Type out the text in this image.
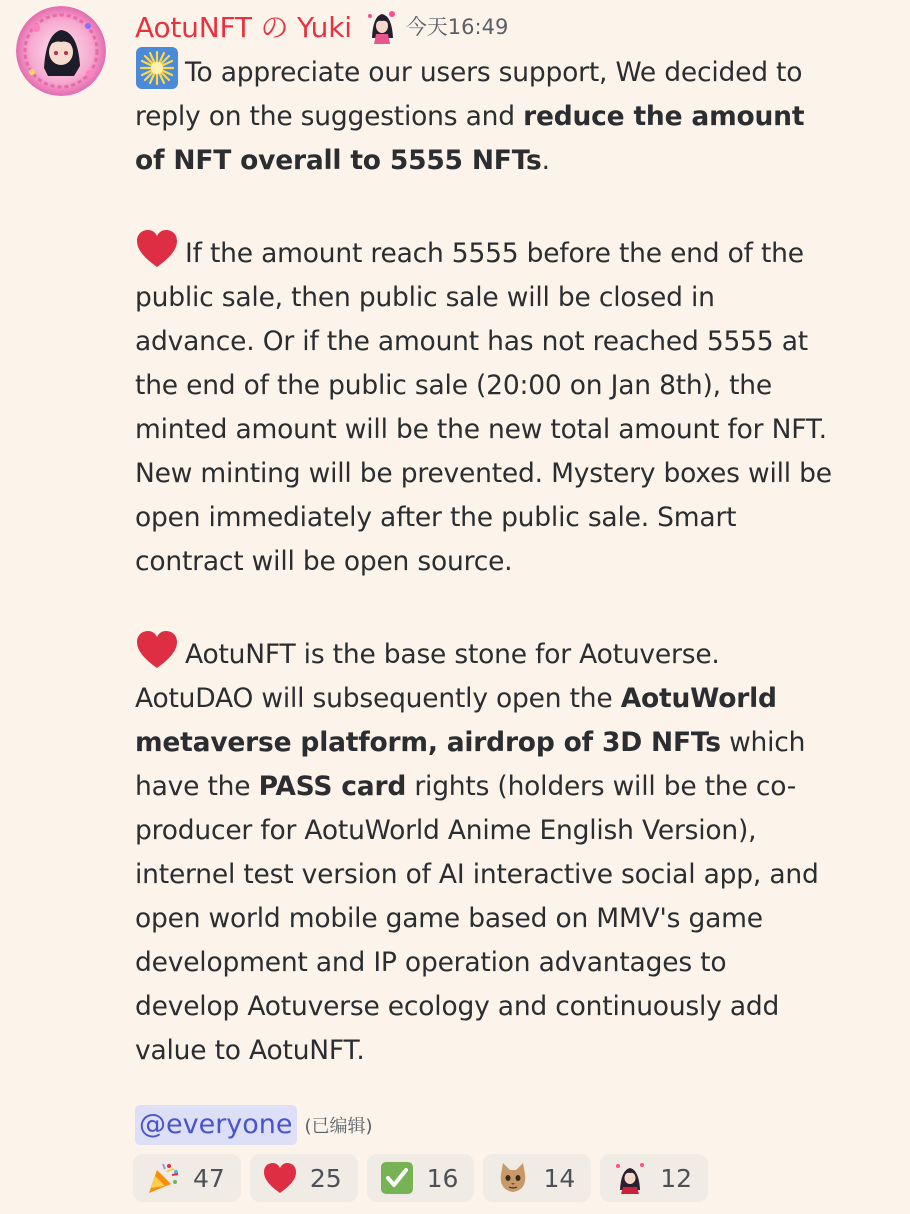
AotuNFT の Yuki	今天16:49

To appreciate our users support, We decided to reply on the suggestions and reduce the amount of NFT overall to 5555 NFTs.

If the amount reach 5555 before the end of the public sale, then public sale will be closed in advance. Or if the amount has not reached 5555 at the end of the public sale (20:00 on Jan 8th), the minted amount will be the new total amount for NFT. New minting will be prevented. Mystery boxes will be open immediately after the public sale. Smart contract will be open source.

AotuNFT is the base stone for Aotuverse. AotuDAO will subsequently open the AotuWorld metaverse platform, airdrop of 3D NFTs which have the PASS card rights (holders will be the co-producer for AotuWorld Anime English Version), internel test version of AI interactive social app, and open world mobile game based on MMV's game development and IP operation advantages to develop Aotuverse ecology and continuously add value to AotuNFT.

@everyone (已编辑)
47	25	16	14	12
